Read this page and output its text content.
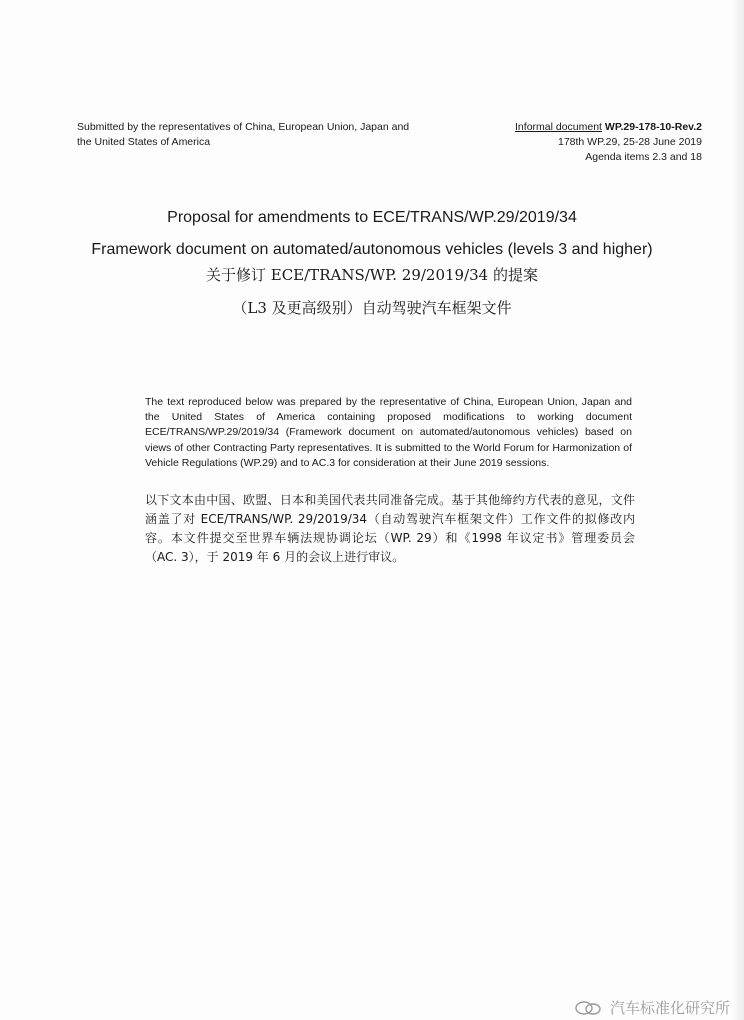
Submitted by the representatives of China, European Union, Japan and the United States of America
Informal document WP.29-178-10-Rev.2
178th WP.29, 25-28 June 2019
Agenda items 2.3 and 18
Proposal for amendments to ECE/TRANS/WP.29/2019/34
Framework document on automated/autonomous vehicles (levels 3 and higher)
关于修订 ECE/TRANS/WP. 29/2019/34 的提案
（L3 及更高级别）自动驾驶汽车框架文件
The text reproduced below was prepared by the representative of China, European Union, Japan and the United States of America containing proposed modifications to working document ECE/TRANS/WP.29/2019/34 (Framework document on automated/autonomous vehicles) based on views of other Contracting Party representatives. It is submitted to the World Forum for Harmonization of Vehicle Regulations (WP.29) and to AC.3 for consideration at their June 2019 sessions.
以下文本由中国、欧盟、日本和美国代表共同准备完成。基于其他缔约方代表的意见，文件涵盖了对 ECE/TRANS/WP. 29/2019/34（自动驾驶汽车框架文件）工作文件的拟修改内容。本文件提交至世界车辆法规协调论坛（WP. 29）和《1998 年议定书》管理委员会（AC. 3），于 2019 年 6 月的会议上进行审议。
汽车标准化研究所
